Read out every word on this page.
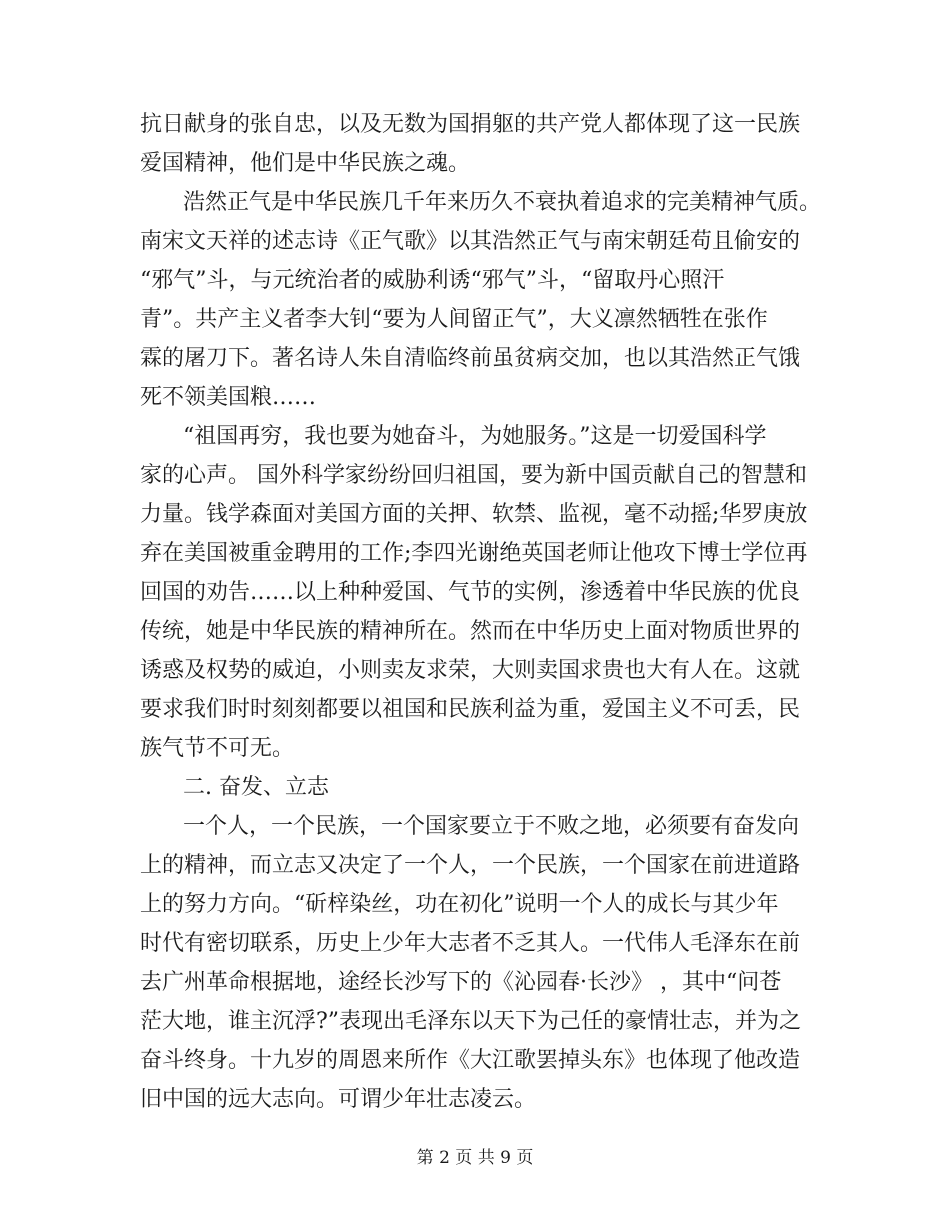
抗日献身的张自忠，以及无数为国捐躯的共产党人都体现了这一民族
爱国精神，他们是中华民族之魂。
浩然正气是中华民族几千年来历久不衰执着追求的完美精神气质。
南宋文天祥的述志诗《正气歌》以其浩然正气与南宋朝廷苟且偷安的
“邪气”斗，与元统治者的威胁利诱“邪气”斗，“留取丹心照汗
青”。共产主义者李大钊“要为人间留正气”，大义凛然牺牲在张作
霖的屠刀下。著名诗人朱自清临终前虽贫病交加，也以其浩然正气饿
死不领美国粮……
“祖国再穷，我也要为她奋斗，为她服务。”这是一切爱国科学
家的心声。 国外科学家纷纷回归祖国，要为新中国贡献自己的智慧和
力量。钱学森面对美国方面的关押、软禁、监视，毫不动摇;华罗庚放
弃在美国被重金聘用的工作;李四光谢绝英国老师让他攻下博士学位再
回国的劝告……以上种种爱国、气节的实例，渗透着中华民族的优良
传统，她是中华民族的精神所在。然而在中华历史上面对物质世界的
诱惑及权势的威迫，小则卖友求荣，大则卖国求贵也大有人在。这就
要求我们时时刻刻都要以祖国和民族利益为重，爱国主义不可丢，民
族气节不可无。
二. 奋发、立志
一个人，一个民族，一个国家要立于不败之地，必须要有奋发向
上的精神，而立志又决定了一个人，一个民族，一个国家在前进道路
上的努力方向。“斫梓染丝，功在初化”说明一个人的成长与其少年
时代有密切联系，历史上少年大志者不乏其人。一代伟人毛泽东在前
去广州革命根据地，途经长沙写下的《沁园春·长沙》 ，其中“问苍
茫大地，谁主沉浮?”表现出毛泽东以天下为己任的豪情壮志，并为之
奋斗终身。十九岁的周恩来所作《大江歌罢掉头东》也体现了他改造
旧中国的远大志向。可谓少年壮志凌云。
第 2 页 共 9 页
